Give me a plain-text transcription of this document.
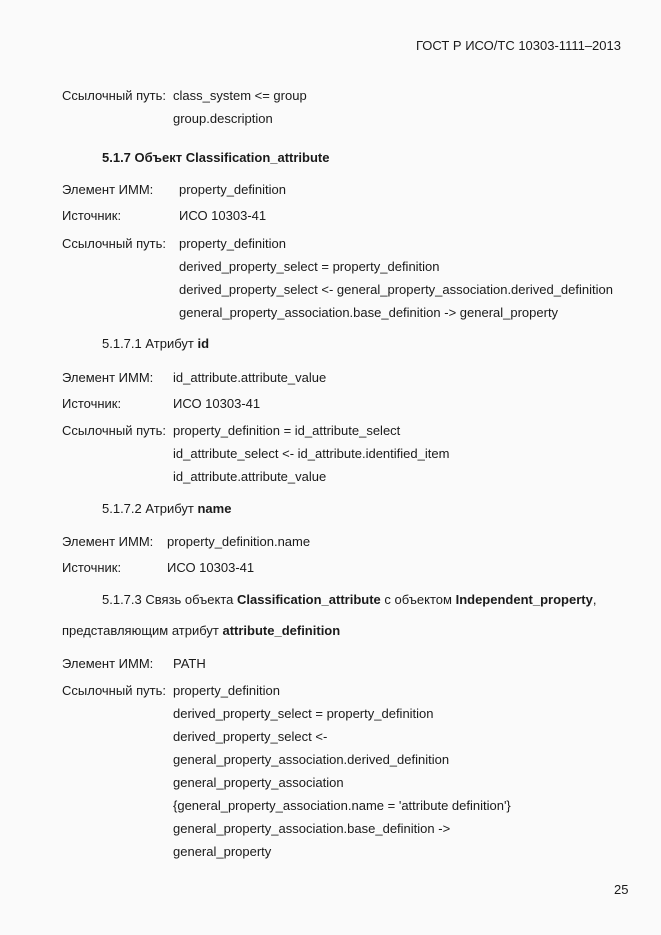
ГОСТ Р ИСО/ТС 10303-1111–2013
Ссылочный путь: class_system <= group
group.description
5.1.7 Объект Classification_attribute
Элемент ИММ: property_definition
Источник:	ИСО 10303-41
Ссылочный путь: property_definition
derived_property_select = property_definition
derived_property_select <- general_property_association.derived_definition
general_property_association.base_definition -> general_property
5.1.7.1 Атрибут id
Элемент ИММ: id_attribute.attribute_value
Источник:	ИСО 10303-41
Ссылочный путь: property_definition = id_attribute_select
id_attribute_select <- id_attribute.identified_item
id_attribute.attribute_value
5.1.7.2 Атрибут name
Элемент ИММ: property_definition.name
Источник:	ИСО 10303-41
5.1.7.3 Связь объекта Classification_attribute с объектом Independent_property,
представляющим атрибут attribute_definition
Элемент ИММ: PATH
Ссылочный путь: property_definition
derived_property_select = property_definition
derived_property_select <-
general_property_association.derived_definition
general_property_association
{general_property_association.name = 'attribute definition'}
general_property_association.base_definition ->
general_property
25
